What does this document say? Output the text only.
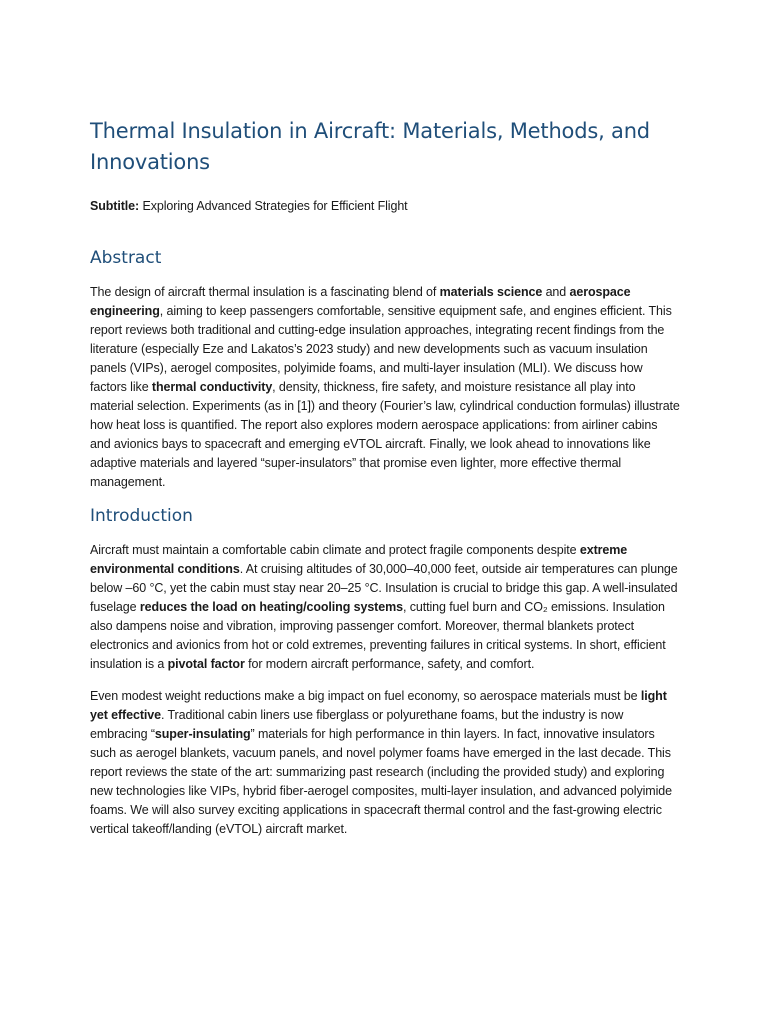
Thermal Insulation in Aircraft: Materials, Methods, and Innovations

Subtitle: Exploring Advanced Strategies for Efficient Flight

Abstract

The design of aircraft thermal insulation is a fascinating blend of materials science and aerospace engineering, aiming to keep passengers comfortable, sensitive equipment safe, and engines efficient. This report reviews both traditional and cutting-edge insulation approaches, integrating recent findings from the literature (especially Eze and Lakatos’s 2023 study) and new developments such as vacuum insulation panels (VIPs), aerogel composites, polyimide foams, and multi-layer insulation (MLI). We discuss how factors like thermal conductivity, density, thickness, fire safety, and moisture resistance all play into material selection. Experiments (as in [1]) and theory (Fourier’s law, cylindrical conduction formulas) illustrate how heat loss is quantified. The report also explores modern aerospace applications: from airliner cabins and avionics bays to spacecraft and emerging eVTOL aircraft. Finally, we look ahead to innovations like adaptive materials and layered “super-insulators” that promise even lighter, more effective thermal management.

Introduction

Aircraft must maintain a comfortable cabin climate and protect fragile components despite extreme environmental conditions. At cruising altitudes of 30,000–40,000 feet, outside air temperatures can plunge below –60 °C, yet the cabin must stay near 20–25 °C. Insulation is crucial to bridge this gap. A well-insulated fuselage reduces the load on heating/cooling systems, cutting fuel burn and CO₂ emissions. Insulation also dampens noise and vibration, improving passenger comfort. Moreover, thermal blankets protect electronics and avionics from hot or cold extremes, preventing failures in critical systems. In short, efficient insulation is a pivotal factor for modern aircraft performance, safety, and comfort.

Even modest weight reductions make a big impact on fuel economy, so aerospace materials must be light yet effective. Traditional cabin liners use fiberglass or polyurethane foams, but the industry is now embracing “super-insulating” materials for high performance in thin layers. In fact, innovative insulators such as aerogel blankets, vacuum panels, and novel polymer foams have emerged in the last decade. This report reviews the state of the art: summarizing past research (including the provided study) and exploring new technologies like VIPs, hybrid fiber-aerogel composites, multi-layer insulation, and advanced polyimide foams. We will also survey exciting applications in spacecraft thermal control and the fast-growing electric vertical takeoff/landing (eVTOL) aircraft market.
